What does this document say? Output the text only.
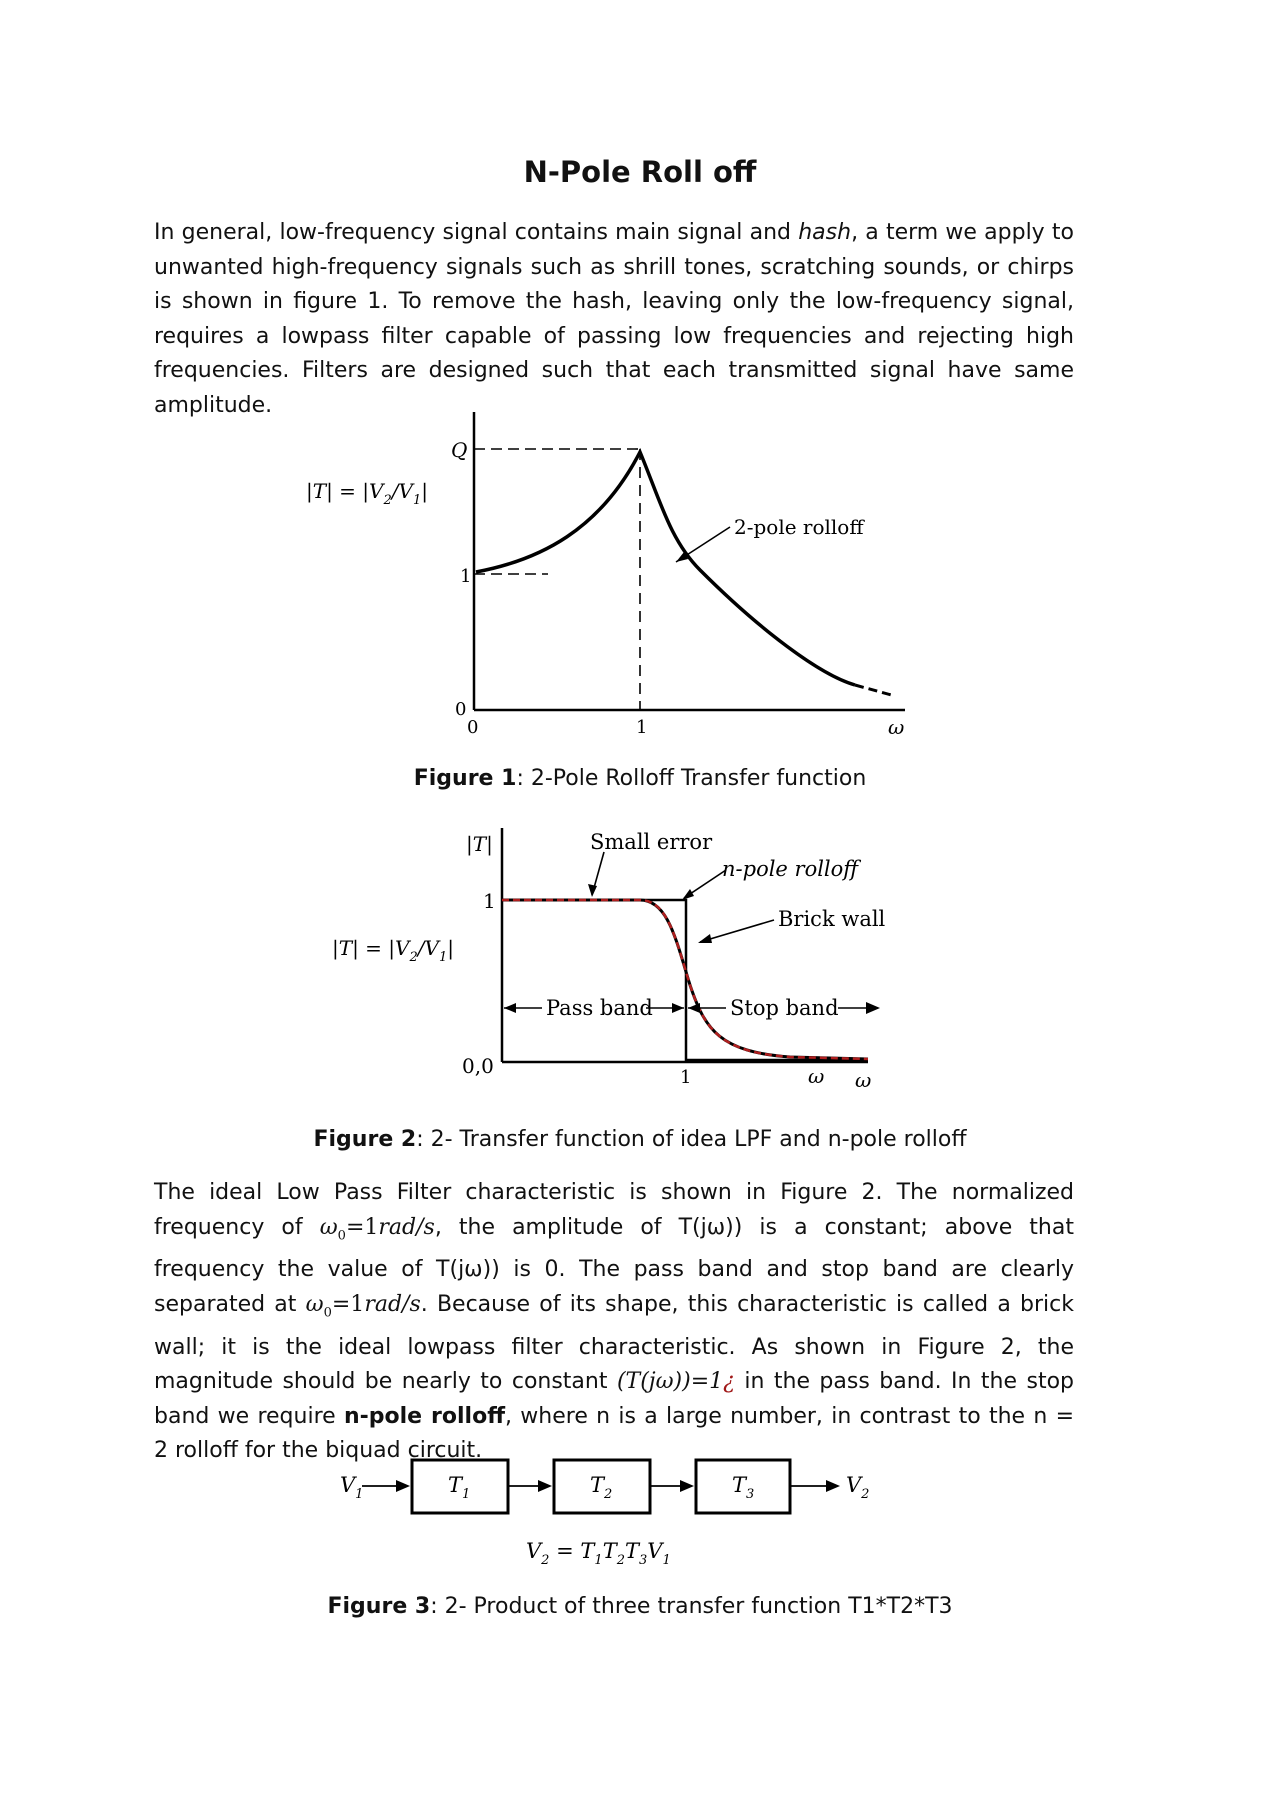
N-Pole Roll off

In general, low-frequency signal contains main signal and hash, a term we apply to unwanted high-frequency signals such as shrill tones, scratching sounds, or chirps is shown in figure 1. To remove the hash, leaving only the low-frequency signal, requires a lowpass filter capable of passing low frequencies and rejecting high frequencies. Filters are designed such that each transmitted signal have same amplitude.

$|T| = |V_2/V_1|$
Q
1
0
0	1	ω
2-pole rolloff

Figure 1: 2-Pole Rolloff Transfer function

|T|
$|T| = |V_2/V_1|$
1
0,0	1	ω ω
Small error
n-pole rolloff
Brick wall
Pass band	Stop band

Figure 2: 2- Transfer function of idea LPF and n-pole rolloff

The ideal Low Pass Filter characteristic is shown in Figure 2. The normalized frequency of $\omega_0=1rad/s$, the amplitude of T(jω)) is a constant; above that frequency the value of T(jω)) is 0. The pass band and stop band are clearly separated at $\omega_0=1rad/s$. Because of its shape, this characteristic is called a brick wall; it is the ideal lowpass filter characteristic. As shown in Figure 2, the magnitude should be nearly to constant (T(jω))=1¿ in the pass band. In the stop band we require n-pole rolloff, where n is a large number, in contrast to the n = 2 rolloff for the biquad circuit.

$V_1$	$T_1$	$T_2$	$T_3$	$V_2$
$V_2 = T_1T_2T_3V_1$

Figure 3: 2- Product of three transfer function T1*T2*T3
